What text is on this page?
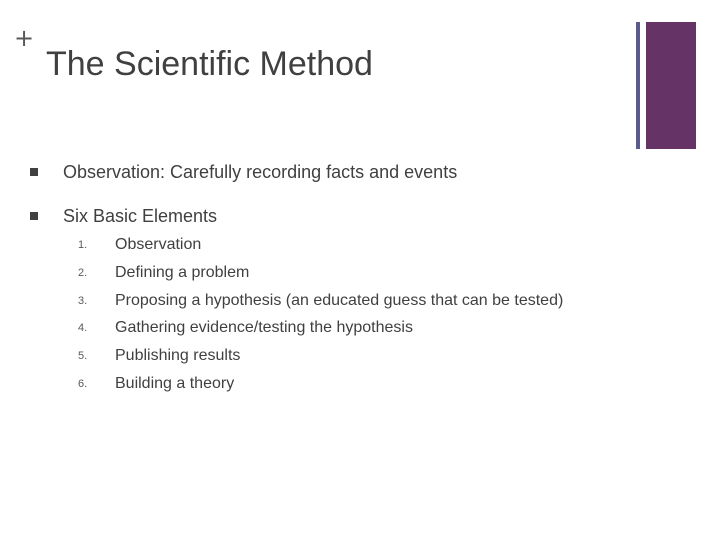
+
The Scientific Method
Observation: Carefully recording facts and events
Six Basic Elements
1. Observation
2. Defining a problem
3. Proposing a hypothesis (an educated guess that can be tested)
4. Gathering evidence/testing the hypothesis
5. Publishing results
6. Building a theory
